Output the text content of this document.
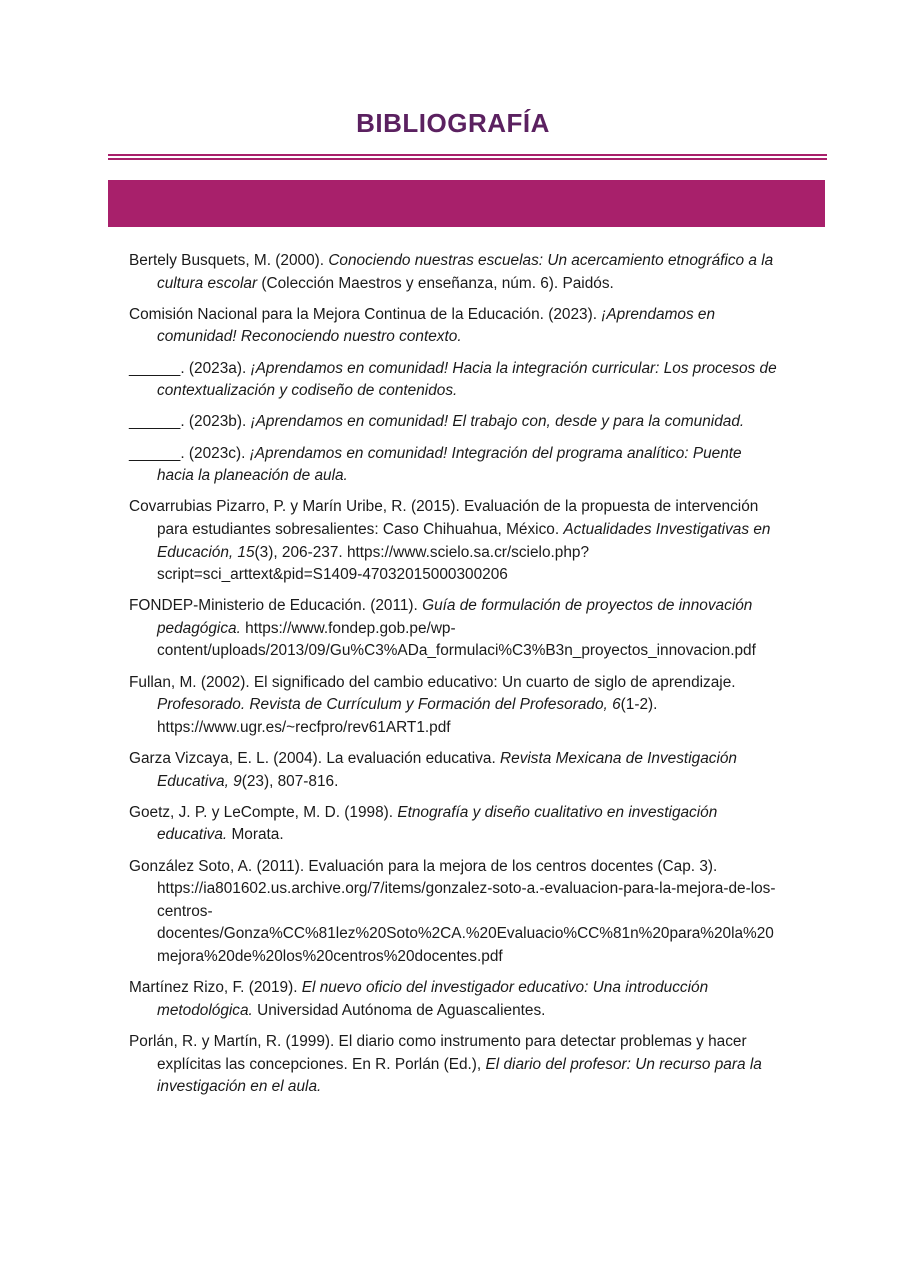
BIBLIOGRAFÍA
Bertely Busquets, M. (2000). Conociendo nuestras escuelas: Un acercamiento etnográfico a la cultura escolar (Colección Maestros y enseñanza, núm. 6). Paidós.
Comisión Nacional para la Mejora Continua de la Educación. (2023). ¡Aprendamos en comunidad! Reconociendo nuestro contexto.
______. (2023a). ¡Aprendamos en comunidad! Hacia la integración curricular: Los procesos de contextualización y codiseño de contenidos.
______. (2023b). ¡Aprendamos en comunidad! El trabajo con, desde y para la comunidad.
______. (2023c). ¡Aprendamos en comunidad! Integración del programa analítico: Puente hacia la planeación de aula.
Covarrubias Pizarro, P. y Marín Uribe, R. (2015). Evaluación de la propuesta de intervención para estudiantes sobresalientes: Caso Chihuahua, México. Actualidades Investigativas en Educación, 15(3), 206-237. https://www.scielo.sa.cr/scielo.php?script=sci_arttext&pid=S1409-47032015000300206
FONDEP-Ministerio de Educación. (2011). Guía de formulación de proyectos de innovación pedagógica. https://www.fondep.gob.pe/wp-content/uploads/2013/09/Gu%C3%ADa_formulaci%C3%B3n_proyectos_innovacion.pdf
Fullan, M. (2002). El significado del cambio educativo: Un cuarto de siglo de aprendizaje. Profesorado. Revista de Currículum y Formación del Profesorado, 6(1-2). https://www.ugr.es/~recfpro/rev61ART1.pdf
Garza Vizcaya, E. L. (2004). La evaluación educativa. Revista Mexicana de Investigación Educativa, 9(23), 807-816.
Goetz, J. P. y LeCompte, M. D. (1998). Etnografía y diseño cualitativo en investigación educativa. Morata.
González Soto, A. (2011). Evaluación para la mejora de los centros docentes (Cap. 3). https://ia801602.us.archive.org/7/items/gonzalez-soto-a.-evaluacion-para-la-mejora-de-los-centros-docentes/Gonza%CC%81lez%20Soto%2CA.%20Evaluacio%CC%81n%20para%20la%20mejora%20de%20los%20centros%20docentes.pdf
Martínez Rizo, F. (2019). El nuevo oficio del investigador educativo: Una introducción metodológica. Universidad Autónoma de Aguascalientes.
Porlán, R. y Martín, R. (1999). El diario como instrumento para detectar problemas y hacer explícitas las concepciones. En R. Porlán (Ed.), El diario del profesor: Un recurso para la investigación en el aula.
